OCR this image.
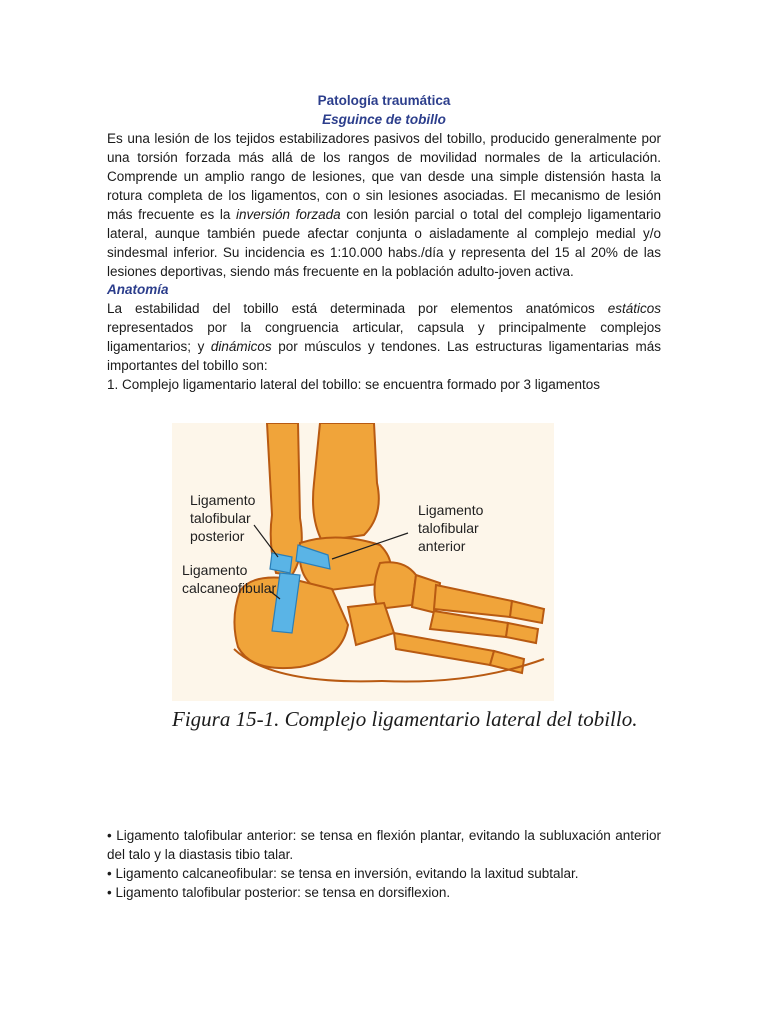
Patología traumática
Esguince de tobillo

Es una lesión de los tejidos estabilizadores pasivos del tobillo, producido generalmente por una torsión forzada más allá de los rangos de movilidad normales de la articulación. Comprende un amplio rango de lesiones, que van desde una simple distensión hasta la rotura completa de los ligamentos, con o sin lesiones asociadas. El mecanismo de lesión más frecuente es la inversión forzada con lesión parcial o total del complejo ligamentario lateral, aunque también puede afectar conjunta o aisladamente al complejo medial y/o sindesmal inferior. Su incidencia es 1:10.000 habs./día y representa del 15 al 20% de las lesiones deportivas, siendo más frecuente en la población adulto-joven activa.

Anatomía

La estabilidad del tobillo está determinada por elementos anatómicos estáticos representados por la congruencia articular, capsula y principalmente complejos ligamentarios; y dinámicos por músculos y tendones. Las estructuras ligamentarias más importantes del tobillo son:

1. Complejo ligamentario lateral del tobillo: se encuentra formado por 3 ligamentos

Ligamento
talofibular
posterior
Ligamento
talofibular
anterior
Ligamento
calcaneofibular
Figura 15-1. Complejo ligamentario lateral del tobillo.

• Ligamento talofibular anterior: se tensa en flexión plantar, evitando la subluxación anterior del talo y la diastasis tibio talar.

• Ligamento calcaneofibular: se tensa en inversión, evitando la laxitud subtalar.

• Ligamento talofibular posterior: se tensa en dorsiflexion.
